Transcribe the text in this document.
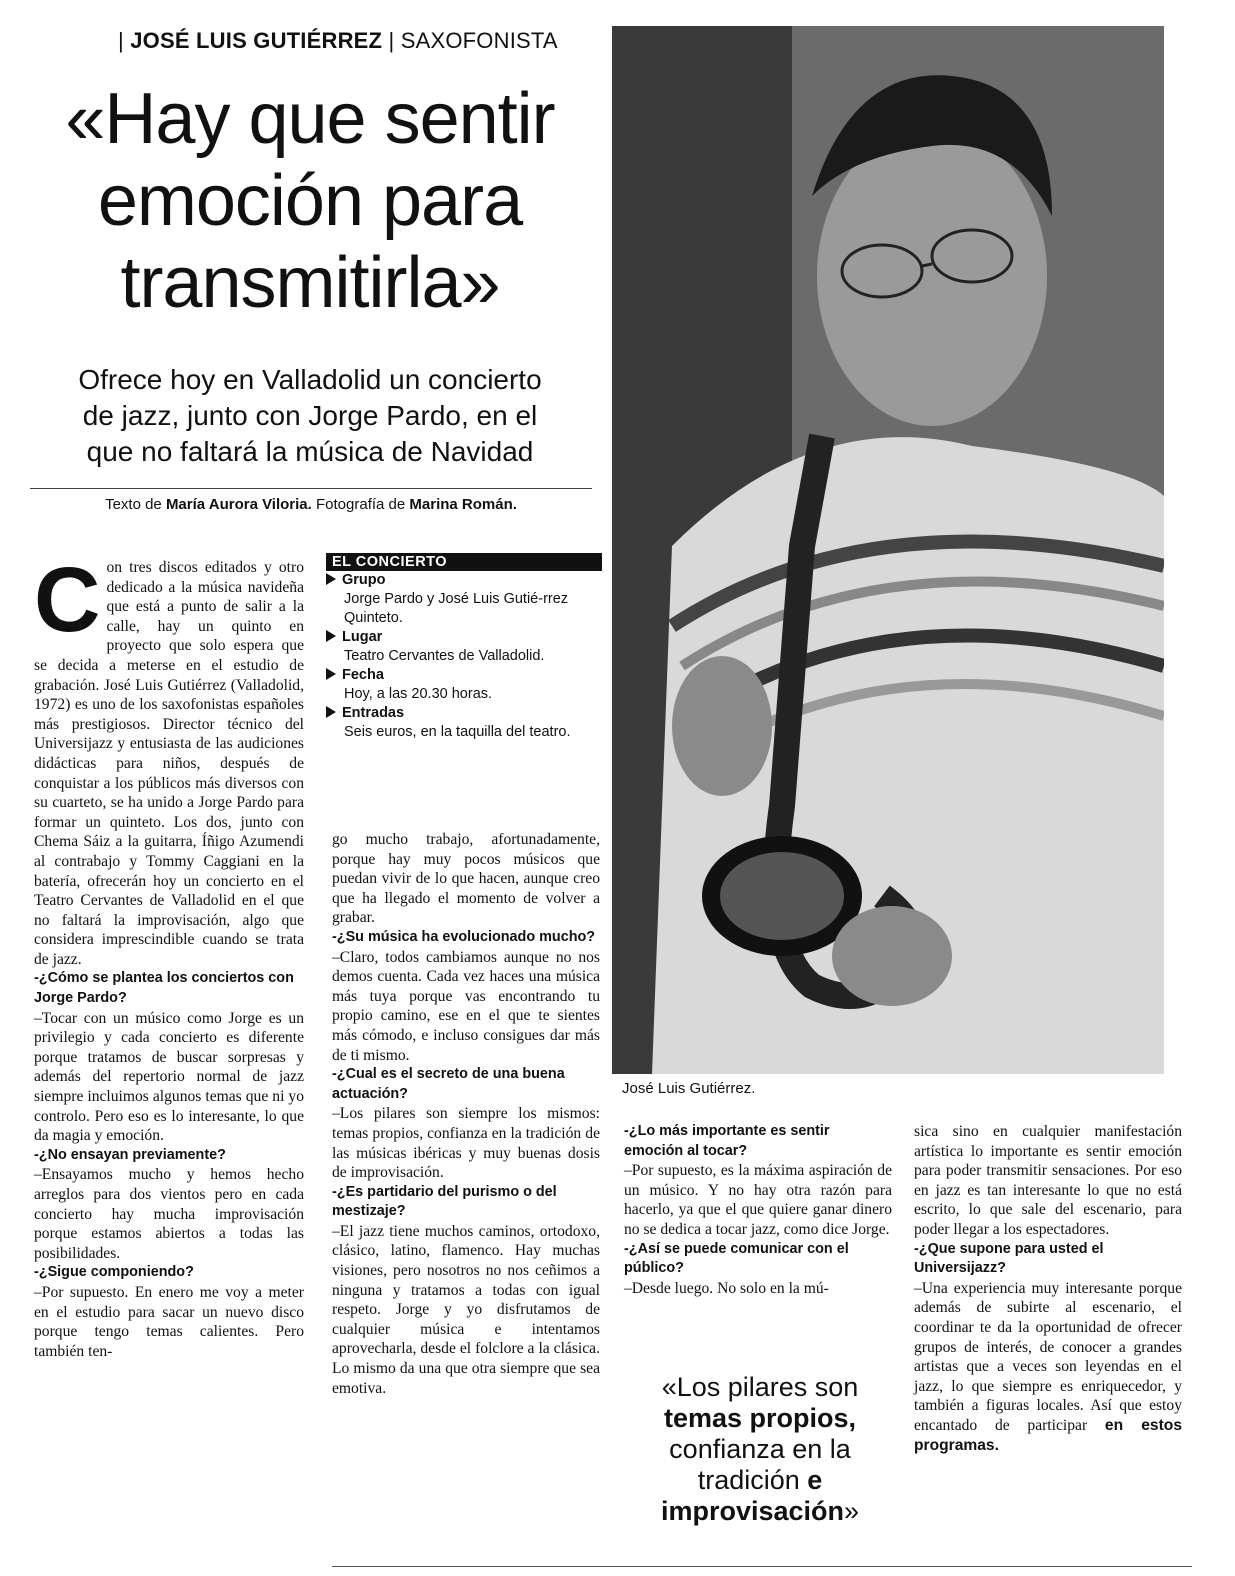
| JOSÉ LUIS GUTIÉRREZ | SAXOFONISTA
«Hay que sentir
emoción para
transmitirla»
Ofrece hoy en Valladolid un concierto
de jazz, junto con Jorge Pardo, en el
que no faltará la música de Navidad
Texto de María Aurora Viloria. Fotografía de Marina Román.
José Luis Gutiérrez.
EL CONCIERTO
Grupo
Jorge Pardo y José Luis Gutié-rrez Quinteto.
Lugar
Teatro Cervantes de Valladolid.
Fecha
Hoy, a las 20.30 horas.
Entradas
Seis euros, en la taquilla del teatro.

Con tres discos editados y otro dedicado a la música navideña que está a punto de salir a la calle, hay un quinto en proyecto que solo espera que se decida a meterse en el estudio de grabación. José Luis Gutiérrez (Valladolid, 1972) es uno de los saxofonistas españoles más prestigiosos. Director técnico del Universijazz y entusiasta de las audiciones didácticas para niños, después de conquistar a los públicos más diversos con su cuarteto, se ha unido a Jorge Pardo para formar un quinteto. Los dos, junto con Chema Sáiz a la guitarra, Íñigo Azumendi al contrabajo y Tommy Caggiani en la batería, ofrecerán hoy un concierto en el Teatro Cervantes de Valladolid en el que no faltará la improvisación, algo que considera imprescindible cuando se trata de jazz.

-¿Cómo se plantea los conciertos con Jorge Pardo?

–Tocar con un músico como Jorge es un privilegio y cada concierto es diferente porque tratamos de buscar sorpresas y además del repertorio normal de jazz siempre incluimos algunos temas que ni yo controlo. Pero eso es lo interesante, lo que da magia y emoción.

-¿No ensayan previamente?

–Ensayamos mucho y hemos hecho arreglos para dos vientos pero en cada concierto hay mucha improvisación porque estamos abiertos a todas las posibilidades.

-¿Sigue componiendo?

–Por supuesto. En enero me voy a meter en el estudio para sacar un nuevo disco porque tengo temas calientes. Pero también ten-

go mucho trabajo, afortunadamente, porque hay muy pocos músicos que puedan vivir de lo que hacen, aunque creo que ha llegado el momento de volver a grabar.

-¿Su música ha evolucionado mucho?

–Claro, todos cambiamos aunque no nos demos cuenta. Cada vez haces una música más tuya porque vas encontrando tu propio camino, ese en el que te sientes más cómodo, e incluso consigues dar más de ti mismo.

-¿Cual es el secreto de una buena actuación?

–Los pilares son siempre los mismos: temas propios, confianza en la tradición de las músicas ibéricas y muy buenas dosis de improvisación.

-¿Es partidario del purismo o del mestizaje?

–El jazz tiene muchos caminos, ortodoxo, clásico, latino, flamenco. Hay muchas visiones, pero nosotros no nos ceñimos a ninguna y tratamos a todas con igual respeto. Jorge y yo disfrutamos de cualquier música e intentamos aprovecharla, desde el folclore a la clásica. Lo mismo da una que otra siempre que sea emotiva.

-¿Lo más importante es sentir emoción al tocar?

–Por supuesto, es la máxima aspiración de un músico. Y no hay otra razón para hacerlo, ya que el que quiere ganar dinero no se dedica a tocar jazz, como dice Jorge.

-¿Así se puede comunicar con el público?

–Desde luego. No solo en la mú-

«Los pilares son
temas propios,
confianza en la
tradición e
improvisación»

sica sino en cualquier manifestación artística lo importante es sentir emoción para poder transmitir sensaciones. Por eso en jazz es tan interesante lo que no está escrito, lo que sale del escenario, para poder llegar a los espectadores.

-¿Que supone para usted el Universijazz?

–Una experiencia muy interesante porque además de subirte al escenario, el coordinar te da la oportunidad de ofrecer grupos de interés, de conocer a grandes artistas que a veces son leyendas en el jazz, lo que siempre es enriquecedor, y también a figuras locales. Así que estoy encantado de participar en estos programas.
